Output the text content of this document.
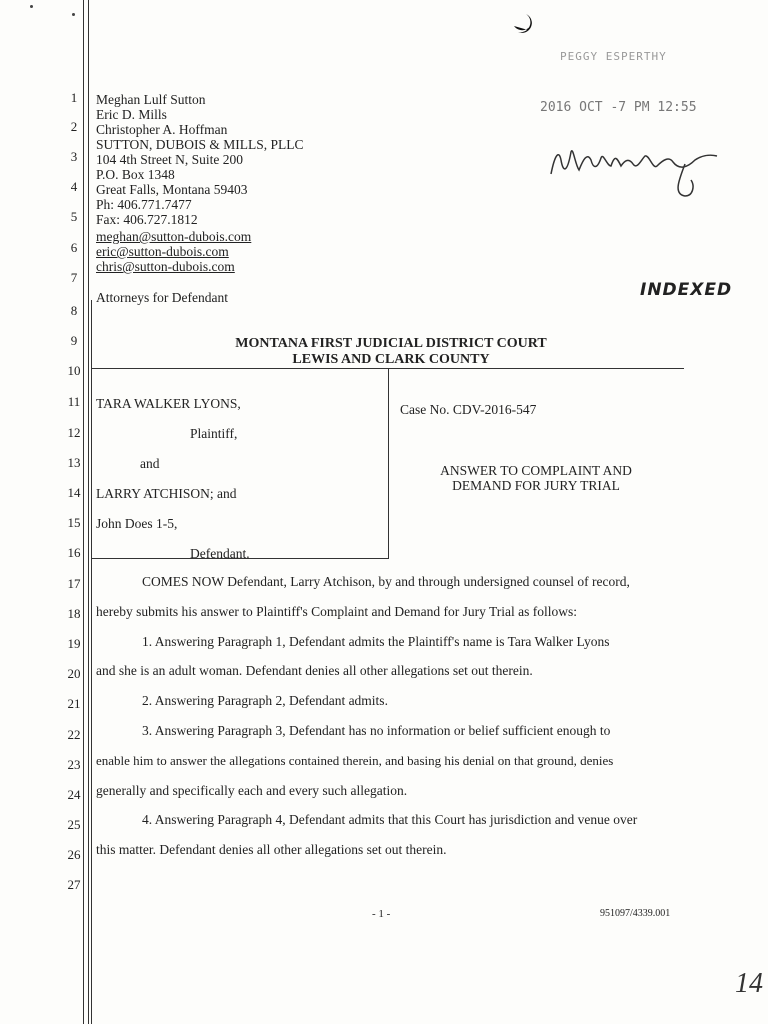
1
2
3
4
5
6
7
8
9
10
11
12
13
14
15
16
17
18
19
20
21
22
23
24
25
26
27
Meghan Lulf Sutton
Eric D. Mills
Christopher A. Hoffman
SUTTON, DUBOIS & MILLS, PLLC
104 4th Street N, Suite 200
P.O. Box 1348
Great Falls, Montana 59403
Ph: 406.771.7477
Fax: 406.727.1812
meghan@sutton-dubois.com
eric@sutton-dubois.com
chris@sutton-dubois.com
Attorneys for Defendant
PEGGY ESPERTHY
2016 OCT -7 PM 12:55
INDEXED
MONTANA FIRST JUDICIAL DISTRICT COURT
LEWIS AND CLARK COUNTY
TARA WALKER LYONS,
Plaintiff,
and
LARRY ATCHISON; and
John Does 1-5,
Defendant.
Case No. CDV-2016-547
ANSWER TO COMPLAINT AND
DEMAND FOR JURY TRIAL
COMES NOW Defendant, Larry Atchison, by and through undersigned counsel of record,
hereby submits his answer to Plaintiff's Complaint and Demand for Jury Trial as follows:
1. Answering Paragraph 1, Defendant admits the Plaintiff's name is Tara Walker Lyons
and she is an adult woman. Defendant denies all other allegations set out therein.
2. Answering Paragraph 2, Defendant admits.
3. Answering Paragraph 3, Defendant has no information or belief sufficient enough to
enable him to answer the allegations contained therein, and basing his denial on that ground, denies
generally and specifically each and every such allegation.
4. Answering Paragraph 4, Defendant admits that this Court has jurisdiction and venue over
this matter. Defendant denies all other allegations set out therein.
- 1 -	951097/4339.001
14
